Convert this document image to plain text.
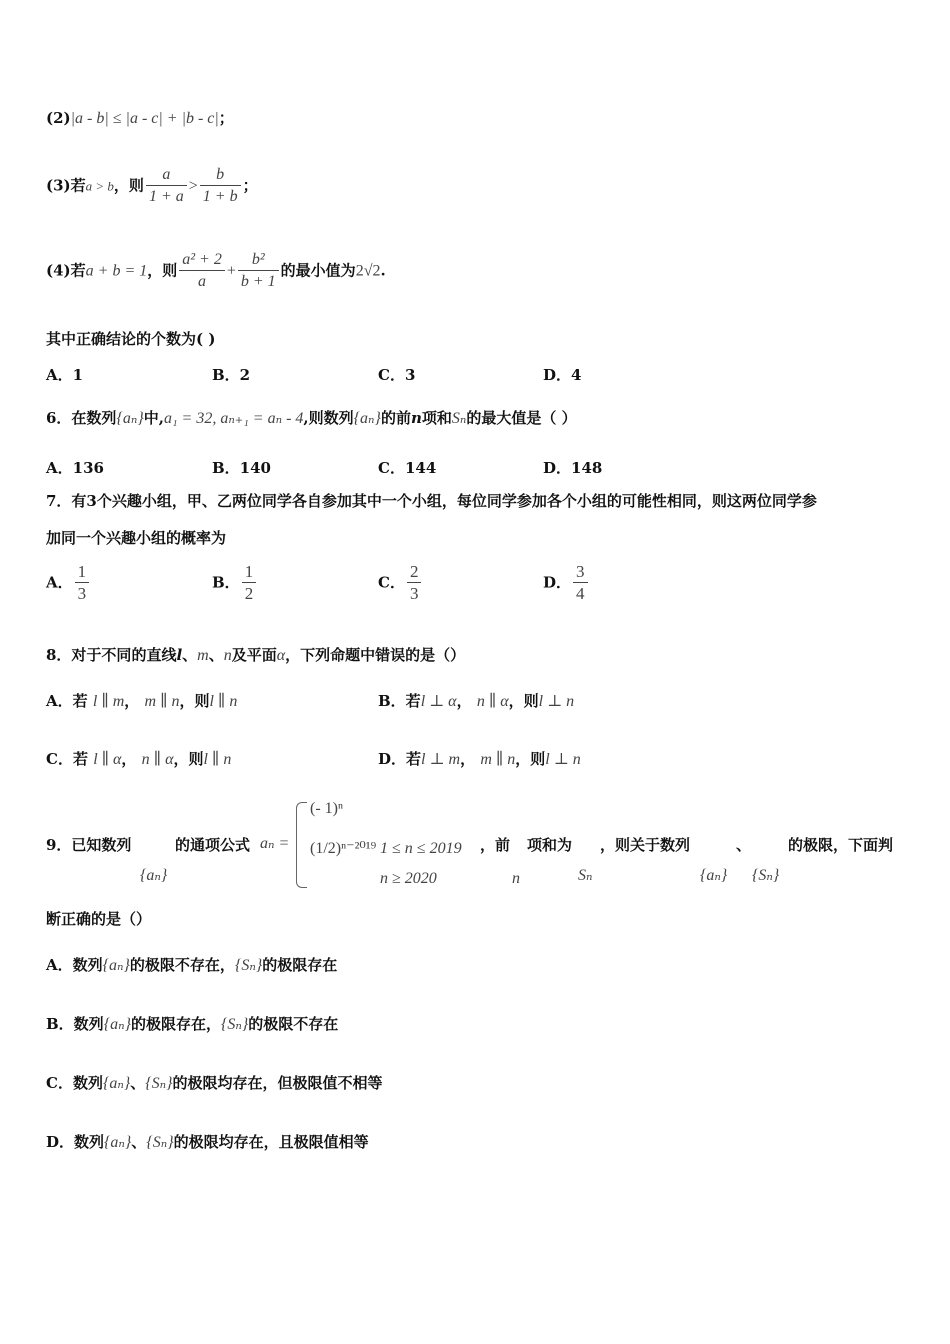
(2)|a - b| ≤ |a - c| + |b - c|；
(3)若a > b，则 $\frac{a}{1 + a} > \frac{b}{1 + b}$ ；
(4)若a + b = 1，则 $\frac{\text{a² + 2}}{a} + \frac{\text{b²}}{b + 1}$ 的最小值为2√2.
其中正确结论的个数为( )
A．1	B．2	C．3	D．4
6．在数列{aₙ}中,a₁ = 32, aₙ₊₁ = aₙ - 4,则数列{aₙ}的前n项和Sₙ的最大值是（ ）
A．136	B．140	C．144	D．148
7．有3个兴趣小组，甲、乙两位同学各自参加其中一个小组，每位同学参加各个小组的可能性相同，则这两位同学参
加同一个兴趣小组的概率为
A． $\frac{1}{3}$	B． $\frac{1}{2}$	C． $\frac{2}{3}$	D． $\frac{3}{4}$
8．对于不同的直线l、m、n及平面α，下列命题中错误的是（）
A．若 l ∥ m， m ∥ n，则l ∥ n	B．若l ⊥ α， n ∥ α，则l ⊥ n
C．若 l ∥ α， n ∥ α，则l ∥ n	D．若l ⊥ m， m ∥ n，则l ⊥ n
9．已知数列
{aₙ}
的通项公式 aₙ =
(- 1)ⁿ
(1/2)ⁿ⁻²⁰¹⁹ 1 ≤ n ≤ 2019
n ≥ 2020
，前
n
项和为
Sₙ
，则关于数列
{aₙ}
、
{Sₙ}
的极限，下面判
断正确的是（）
A．数列{aₙ}的极限不存在，{Sₙ}的极限存在
B．数列{aₙ}的极限存在，{Sₙ}的极限不存在
C．数列{aₙ}、{Sₙ}的极限均存在，但极限值不相等
D．数列{aₙ}、{Sₙ}的极限均存在，且极限值相等
